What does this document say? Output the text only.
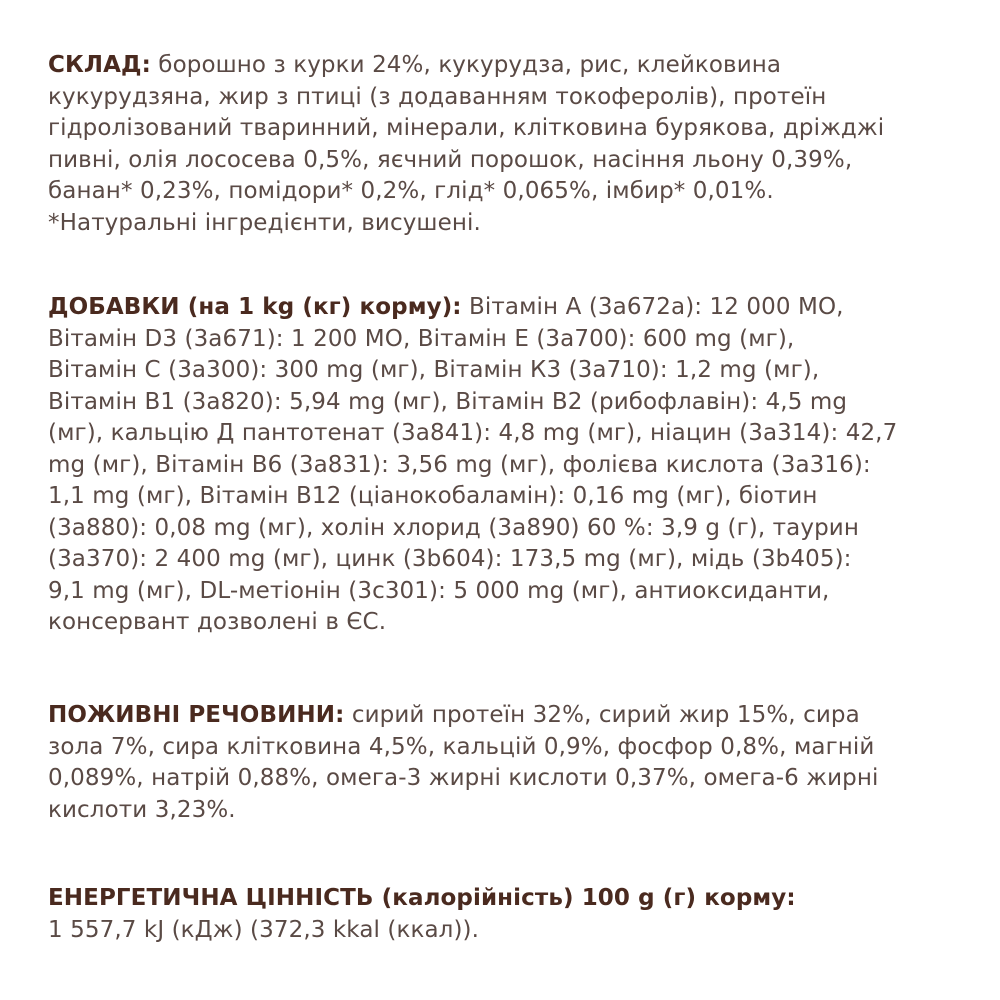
СКЛАД: борошно з курки 24%, кукурудза, рис, клейковина
кукурудзяна, жир з птиці (з додаванням токоферолів), протеїн
гідролізований тваринний, мінерали, клітковина бурякова, дріжджі
пивні, олія лососева 0,5%, яєчний порошок, насіння льону 0,39%,
банан* 0,23%, помідори* 0,2%, глід* 0,065%, імбир* 0,01%.
*Натуральні інгредієнти, висушені.
ДОБАВКИ (на 1 kg (кг) корму): Вітамін А (3а672а): 12 000 МО,
Вітамін D3 (3а671): 1 200 МО, Вітамін Е (3а700): 600 mg (мг),
Вітамін С (3а300): 300 mg (мг), Вітамін К3 (3а710): 1,2 mg (мг),
Вітамін В1 (3а820): 5,94 mg (мг), Вітамін В2 (рибофлавін): 4,5 mg
(мг), кальцію Д пантотенат (3а841): 4,8 mg (мг), ніацин (3а314): 42,7
mg (мг), Вітамін В6 (3а831): 3,56 mg (мг), фолієва кислота (3а316):
1,1 mg (мг), Вітамін В12 (ціанокобаламін): 0,16 mg (мг), біотин
(3а880): 0,08 mg (мг), холін хлорид (3а890) 60 %: 3,9 g (г), таурин
(3а370): 2 400 mg (мг), цинк (3b604): 173,5 mg (мг), мідь (3b405):
9,1 mg (мг), DL-метіонін (3с301): 5 000 mg (мг), антиоксиданти,
консервант дозволені в ЄС.
ПОЖИВНІ РЕЧОВИНИ: сирий протеїн 32%, сирий жир 15%, сира
зола 7%, сира клітковина 4,5%, кальцій 0,9%, фосфор 0,8%, магній
0,089%, натрій 0,88%, омега-3 жирні кислоти 0,37%, омега-6 жирні
кислоти 3,23%.
ЕНЕРГЕТИЧНА ЦІННІСТЬ (калорійність) 100 g (г) корму:
1 557,7 kJ (кДж) (372,3 kkal (ккал)).
